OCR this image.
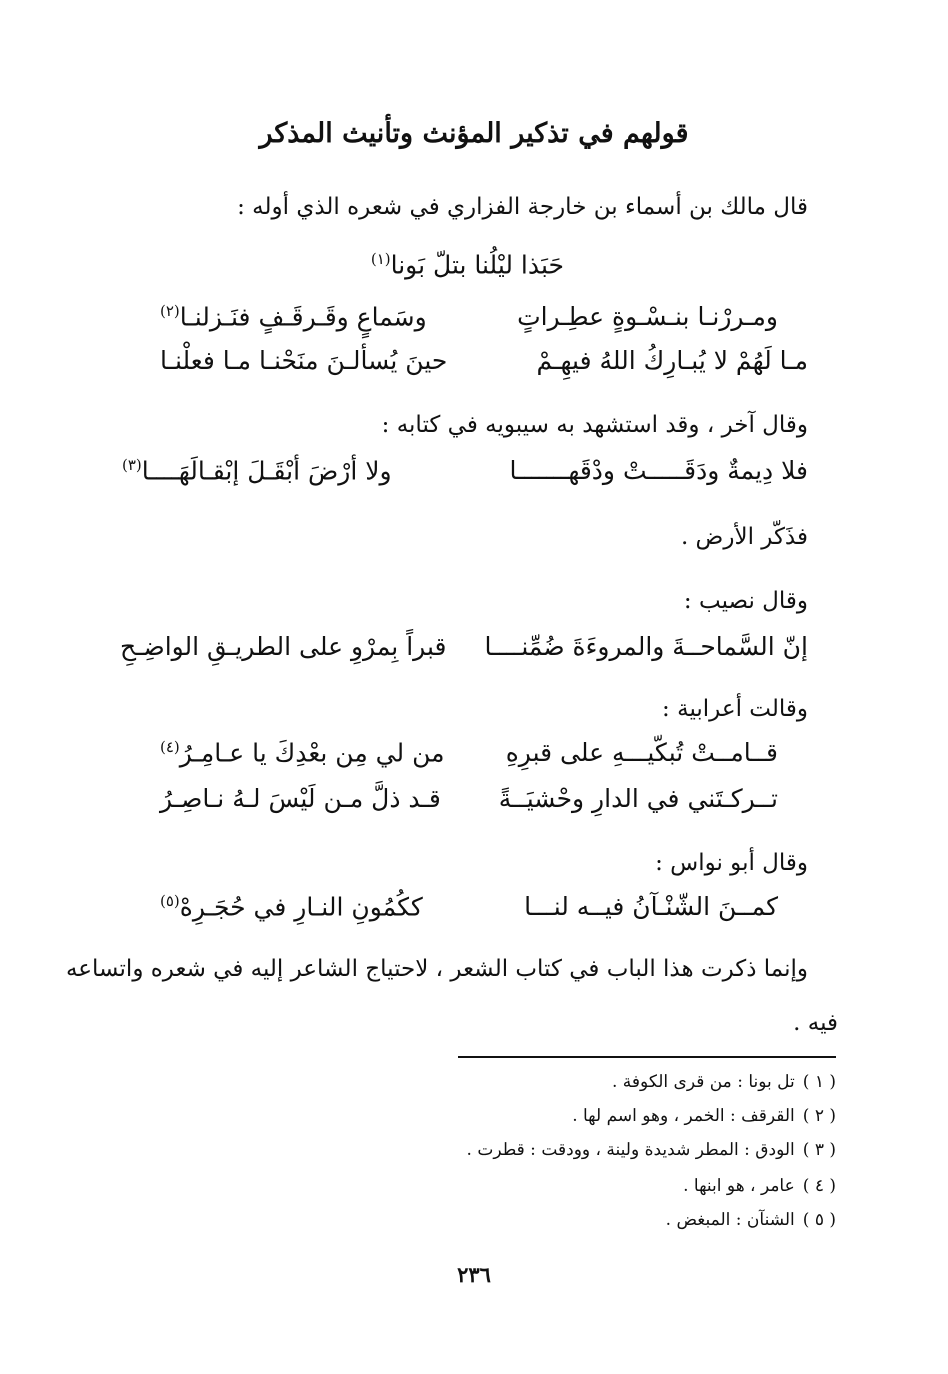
قولهم في تذكير المؤنث وتأنيث المذكر
قال مالك بن أسماء بن خارجة الفزاري في شعره الذي أوله :
حَبَذا ليْلُنا بتلّ بَونا$^{(١)}$
ومـررْنـا بنـسْـوةٍ عطِـراتٍ
وسَماعٍ وقَـرقَـفٍ فنَـزلنـا$^{(٢)}$
مـا لَهُمْ لا يُبـارِكُ اللهُ فيهِـمْ
حينَ يُسألـنَ منَحْنـا مـا فعلْنـا
وقال آخر ، وقد استشهد به سيبويه في كتابه :
فلا دِيمةٌ ودَقَـــــتْ ودْقَهـــــــا
ولا أرْضَ أبْقَـلَ إبْقـالَهَــــا$^{(٣)}$
فذَكّر الأرض .
وقال نصيب :
إنّ السَّماحــةَ والمروءَةَ ضُمِّنــــا
قبراً بِمرْوِ على الطريـقِ الواضِـحِ
وقالت أعرابية :
قــامــتْ تُبكّيـــهِ على قبرِهِ
من لي مِن بعْدِكَ يا عـامِـرُ$^{(٤)}$
تــركـتَني في الدارِ وحْشيَــةً
قـد ذلَّ مـن لَيْسَ لـهُ نـاصِـرُ
وقال أبو نواس :
كمــنَ الشّنْـآنُ فيــه لنـــا
ككُمُونِ النـارِ في حُجَـرِهْ$^{(٥)}$
وإنما ذكرت هذا الباب في كتاب الشعر ، لاحتياج الشاعر إليه في شعره واتساعه
فيه .
( ١ )تل بونا : من قرى الكوفة .
( ٢ )القرقف : الخمر ، وهو اسم لها .
( ٣ )الودق : المطر شديدة ولينة ، وودقت : قطرت .
( ٤ )عامر ، هو ابنها .
( ٥ )الشنآن : المبغض .
٢٣٦
